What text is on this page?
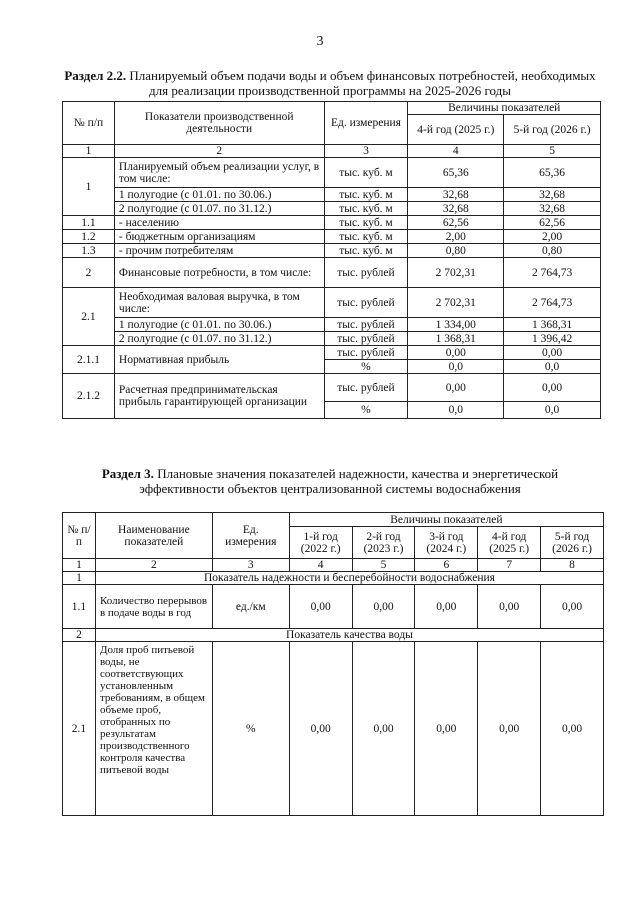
3
Раздел 2.2. Планируемый объем подачи воды и объем финансовых потребностей, необходимых для реализации производственной программы на 2025-2026 годы
№ п/п	Показатели производственной деятельности	Ед. измерения	Величины показателей	
			4-й год (2025 г.)	5-й год (2026 г.)
1	2	3	4	5
1	Планируемый объем реализации услуг, в том числе:	тыс. куб. м	65,36	65,36
	1 полугодие (с 01.01. по 30.06.)	тыс. куб. м	32,68	32,68
	2 полугодие (с 01.07. по 31.12.)	тыс. куб. м	32,68	32,68
1.1	- населению	тыс. куб. м	62,56	62,56
1.2	- бюджетным организациям	тыс. куб. м	2,00	2,00
1.3	- прочим потребителям	тыс. куб. м	0,80	0,80
2	Финансовые потребности, в том числе:	тыс. рублей	2 702,31	2 764,73
2.1	Необходимая валовая выручка, в том числе:	тыс. рублей	2 702,31	2 764,73
	1 полугодие (с 01.01. по 30.06.)	тыс. рублей	1 334,00	1 368,31
	2 полугодие (с 01.07. по 31.12.)	тыс. рублей	1 368,31	1 396,42
2.1.1	Нормативная прибыль	тыс. рублей	0,00	0,00
		%	0,0	0,0
2.1.2	Расчетная предпринимательская прибыль гарантирующей организации	тыс. рублей	0,00	0,00
		%	0,0	0,0
Раздел 3. Плановые значения показателей надежности, качества и энергетической эффективности объектов централизованной системы водоснабжения
№ п/п	Наименование показателей	Ед. измерения	Величины показателей				
			1-й год (2022 г.)	2-й год (2023 г.)	3-й год (2024 г.)	4-й год (2025 г.)	5-й год (2026 г.)
1	2	3	4	5	6	7	8
1	Показатель надежности и бесперебойности водоснабжения						
1.1	Количество перерывов в подаче воды в год	ед./км	0,00	0,00	0,00	0,00	0,00
2	Показатель качества воды						
2.1	Доля проб питьевой воды, не соответствующих установленным требованиям, в общем объеме проб, отобранных по результатам производственного контроля качества питьевой воды	%	0,00	0,00	0,00	0,00	0,00
